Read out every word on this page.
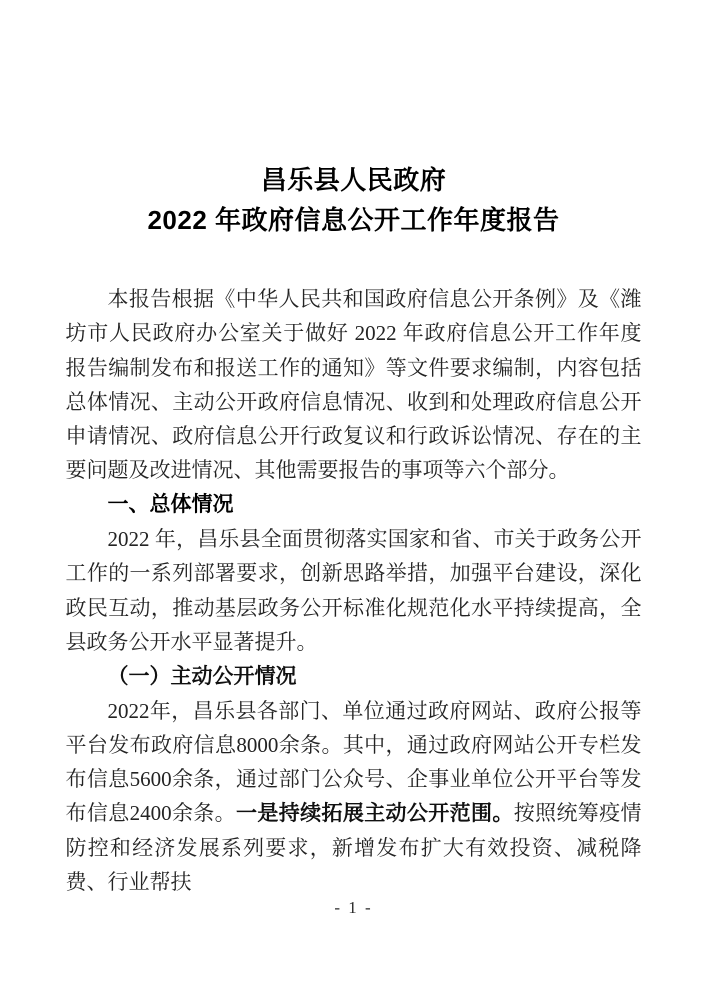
昌乐县人民政府
2022 年政府信息公开工作年度报告

本报告根据《中华人民共和国政府信息公开条例》及《潍坊市人民政府办公室关于做好 2022 年政府信息公开工作年度报告编制发布和报送工作的通知》等文件要求编制，内容包括总体情况、主动公开政府信息情况、收到和处理政府信息公开申请情况、政府信息公开行政复议和行政诉讼情况、存在的主要问题及改进情况、其他需要报告的事项等六个部分。

一、总体情况

2022 年，昌乐县全面贯彻落实国家和省、市关于政务公开工作的一系列部署要求，创新思路举措，加强平台建设，深化政民互动，推动基层政务公开标准化规范化水平持续提高，全县政务公开水平显著提升。

（一）主动公开情况

2022年，昌乐县各部门、单位通过政府网站、政府公报等平台发布政府信息8000余条。其中，通过政府网站公开专栏发布信息5600余条，通过部门公众号、企事业单位公开平台等发布信息2400余条。一是持续拓展主动公开范围。按照统筹疫情防控和经济发展系列要求，新增发布扩大有效投资、减税降费、行业帮扶

- 1 -
